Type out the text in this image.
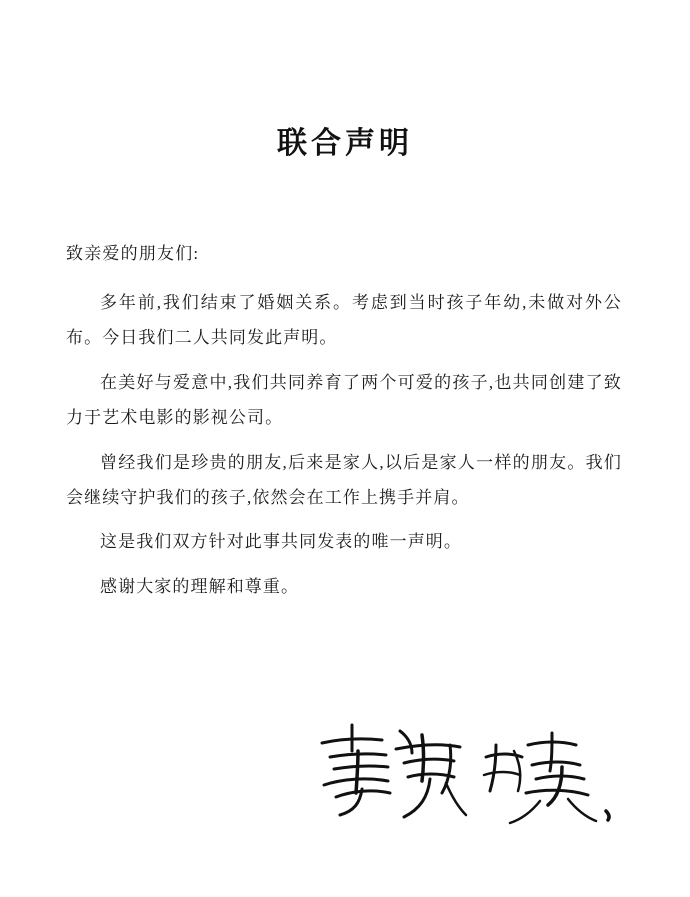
联合声明

致亲爱的朋友们:

多年前,我们结束了婚姻关系。考虑到当时孩子年幼,未做对外公布。今日我们二人共同发此声明。

在美好与爱意中,我们共同养育了两个可爱的孩子,也共同创建了致力于艺术电影的影视公司。

曾经我们是珍贵的朋友,后来是家人,以后是家人一样的朋友。我们会继续守护我们的孩子,依然会在工作上携手并肩。

这是我们双方针对此事共同发表的唯一声明。

感谢大家的理解和尊重。
